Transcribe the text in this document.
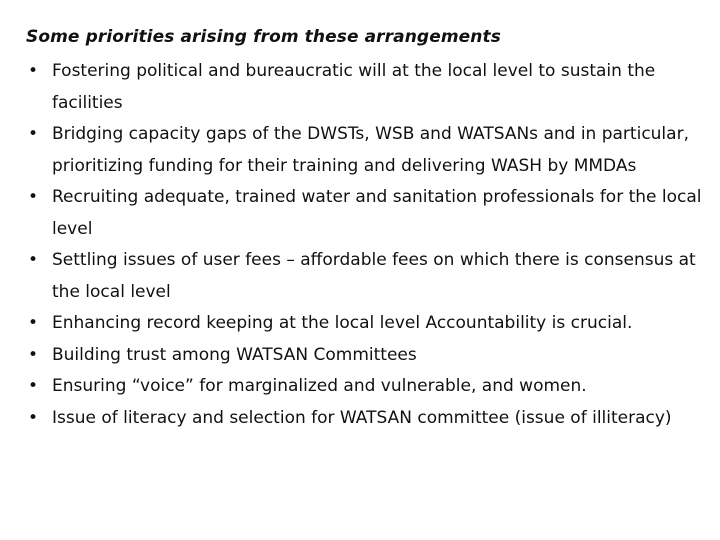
Some priorities arising from these arrangements
• Fostering political and bureaucratic will at the local level to sustain the facilities
• Bridging capacity gaps of the DWSTs, WSB and WATSANs and in particular, prioritizing funding for their training and delivering WASH by MMDAs
• Recruiting adequate, trained water and sanitation professionals for the local level
• Settling issues of user fees – affordable fees on which there is consensus at the local level
• Enhancing record keeping at the local level Accountability is crucial.
• Building trust among WATSAN Committees
• Ensuring “voice” for marginalized and vulnerable, and women.
• Issue of literacy and selection for WATSAN committee (issue of illiteracy)
